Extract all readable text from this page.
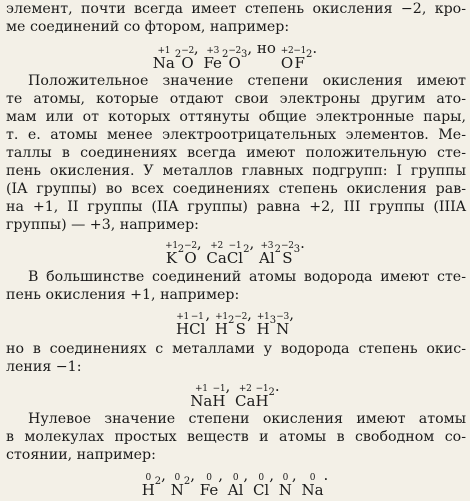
элемент, почти всегда имеет степень окисления −2, кро-
ме соединений со фтором, например:
Положительное значение степени окисления имеют
те атомы, которые отдают свои электроны другим ато-
мам или от которых оттянуты общие электронные пары,
т. е. атомы менее электроотрицательных элементов. Ме-
таллы в соединениях всегда имеют положительную сте-
пень окисления. У металлов главных подгрупп: I группы
(IA группы) во всех соединениях степень окисления рав-
на +1, II группы (IIA группы) равна +2, III группы (IIIA
группы) — +3, например:
В большинстве соединений атомы водорода имеют сте-
пень окисления +1, например:
но в соединениях с металлами у водорода степень окис-
ления −1:
Нулевое значение степени окисления имеют атомы
в молекулах простых веществ и атомы в свободном со-
стоянии, например:
+1
Na $_2$ −2
O
, +3
Fe $_2$ −2
O $_3$, но +2
O
−1
F $_2$.
+1
K $_2$ −2
O
, +2
Ca
−1
Cl $_2$, +3
Al $_2$ −2
S $_3$.
+1
H
−1
Cl
, +1
H $_2$ −2
S
, +1
H $_3$ −3
N
,
+1
Na
−1
H
, +2
Ca
−1
H $_2$.
0
H $_2$, 0
N $_2$, 0
Fe
, 0
Al
, 0
Cl
, 0
N
, 0
Na
.
